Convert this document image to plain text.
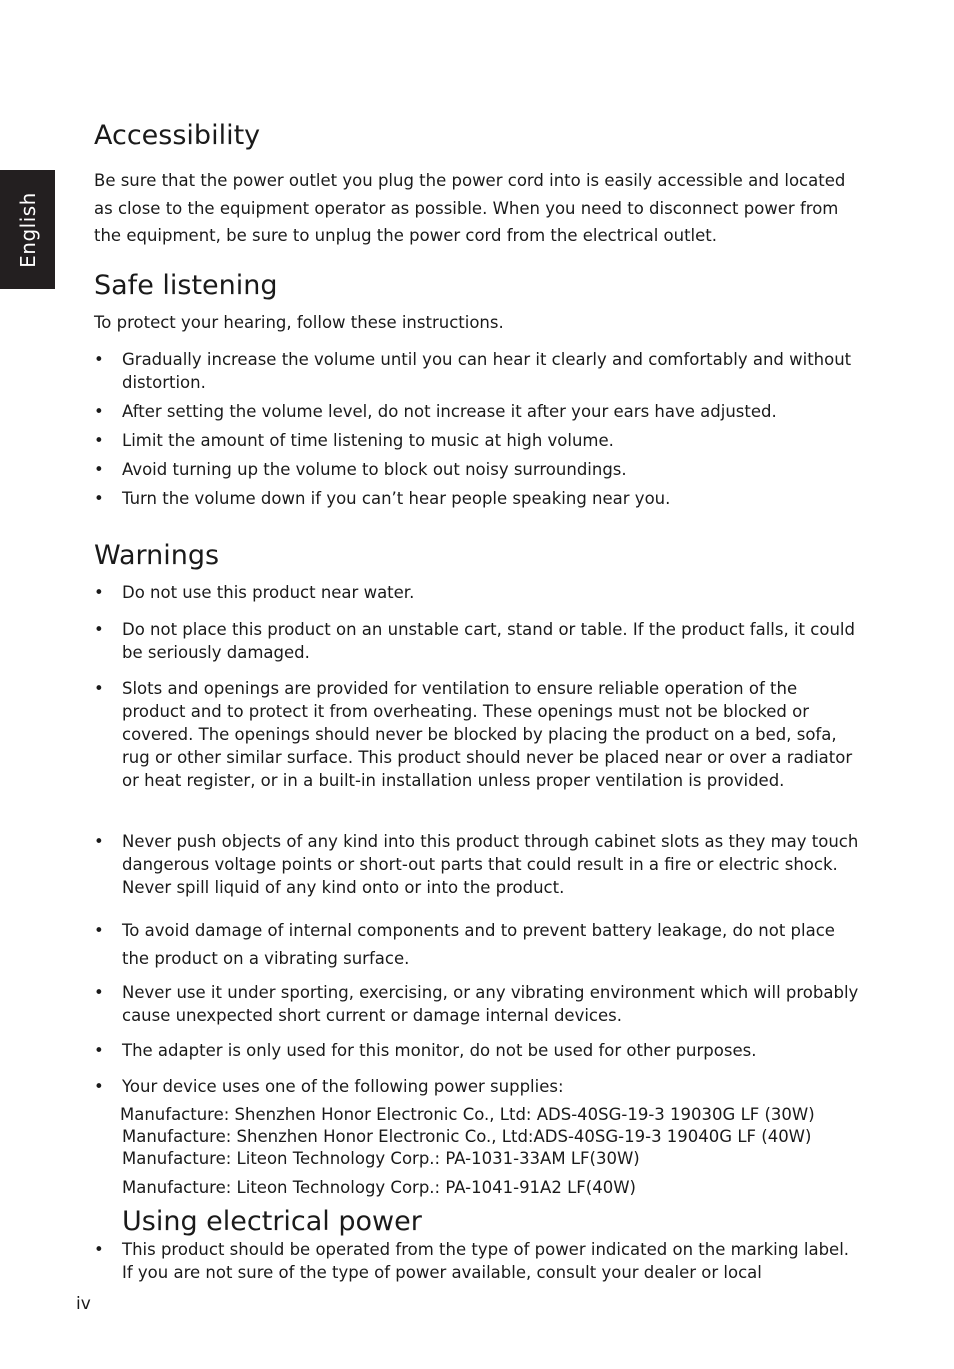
English
Accessibility

Be sure that the power outlet you plug the power cord into is easily accessible and located as close to the equipment operator as possible. When you need to disconnect power from the equipment, be sure to unplug the power cord from the electrical outlet.

Safe listening

To protect your hearing, follow these instructions.

•	Gradually increase the volume until you can hear it clearly and comfortably and without distortion.
•	After setting the volume level, do not increase it after your ears have adjusted.
•	Limit the amount of time listening to music at high volume.
•	Avoid turning up the volume to block out noisy surroundings.
•	Turn the volume down if you can’t hear people speaking near you.
Warnings
•	Do not use this product near water.
•	Do not place this product on an unstable cart, stand or table. If the product falls, it could be seriously damaged.
•	Slots and openings are provided for ventilation to ensure reliable operation of the product and to protect it from overheating. These openings must not be blocked or covered. The openings should never be blocked by placing the product on a bed, sofa, rug or other similar surface. This product should never be placed near or over a radiator or heat register, or in a built-in installation unless proper ventilation is provided.
•	Never push objects of any kind into this product through cabinet slots as they may touch dangerous voltage points or short-out parts that could result in a fire or electric shock. Never spill liquid of any kind onto or into the product.
•	To avoid damage of internal components and to prevent battery leakage, do not place the product on a vibrating surface.
•	Never use it under sporting, exercising, or any vibrating environment which will probably cause unexpected short current or damage internal devices.
•	The adapter is only used for this monitor, do not be used for other purposes.
•	Your device uses one of the following power supplies:
Manufacture: Shenzhen Honor Electronic Co., Ltd: ADS-40SG-19-3 19030G LF (30W)
Manufacture: Shenzhen Honor Electronic Co., Ltd:ADS-40SG-19-3 19040G LF (40W)
Manufacture: Liteon Technology Corp.: PA-1031-33AM LF(30W)
Manufacture: Liteon Technology Corp.: PA-1041-91A2 LF(40W)
Using electrical power
•	This product should be operated from the type of power indicated on the marking label. If you are not sure of the type of power available, consult your dealer or local
iv
